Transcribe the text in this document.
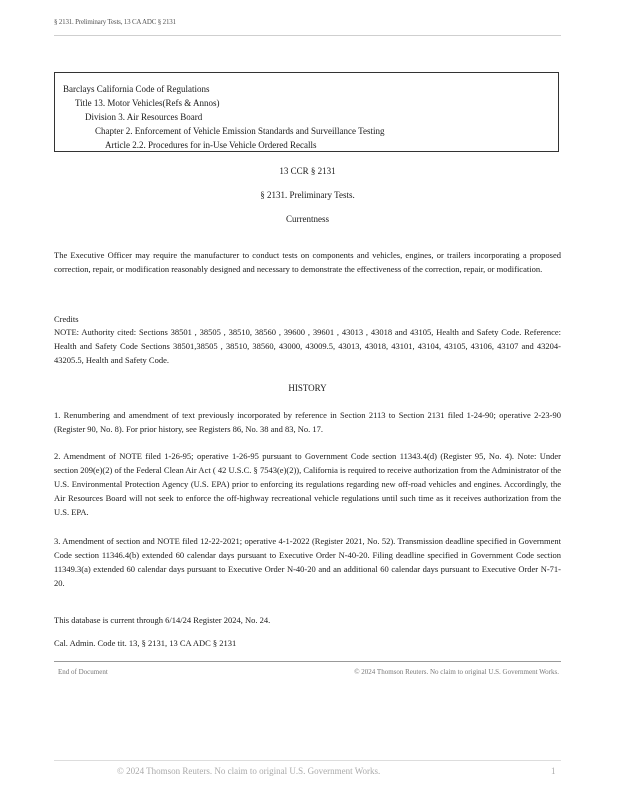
§ 2131. Preliminary Tests, 13 CA ADC § 2131
Barclays California Code of Regulations
Title 13. Motor Vehicles(Refs & Annos)
Division 3. Air Resources Board
Chapter 2. Enforcement of Vehicle Emission Standards and Surveillance Testing
Article 2.2. Procedures for in-Use Vehicle Ordered Recalls
13 CCR § 2131
§ 2131. Preliminary Tests.
Currentness
The Executive Officer may require the manufacturer to conduct tests on components and vehicles, engines, or trailers incorporating a proposed correction, repair, or modification reasonably designed and necessary to demonstrate the effectiveness of the correction, repair, or modification.
Credits
NOTE: Authority cited: Sections 38501 , 38505 , 38510, 38560 , 39600 , 39601 , 43013 , 43018 and 43105, Health and Safety Code. Reference: Health and Safety Code Sections 38501,38505 , 38510, 38560, 43000, 43009.5, 43013, 43018, 43101, 43104, 43105, 43106, 43107 and 43204-43205.5, Health and Safety Code.
HISTORY
1. Renumbering and amendment of text previously incorporated by reference in Section 2113 to Section 2131 filed 1-24-90; operative 2-23-90 (Register 90, No. 8). For prior history, see Registers 86, No. 38 and 83, No. 17.
2. Amendment of NOTE filed 1-26-95; operative 1-26-95 pursuant to Government Code section 11343.4(d) (Register 95, No. 4). Note: Under section 209(e)(2) of the Federal Clean Air Act ( 42 U.S.C. § 7543(e)(2)), California is required to receive authorization from the Administrator of the U.S. Environmental Protection Agency (U.S. EPA) prior to enforcing its regulations regarding new off-road vehicles and engines. Accordingly, the Air Resources Board will not seek to enforce the off-highway recreational vehicle regulations until such time as it receives authorization from the U.S. EPA.
3. Amendment of section and NOTE filed 12-22-2021; operative 4-1-2022 (Register 2021, No. 52). Transmission deadline specified in Government Code section 11346.4(b) extended 60 calendar days pursuant to Executive Order N-40-20. Filing deadline specified in Government Code section 11349.3(a) extended 60 calendar days pursuant to Executive Order N-40-20 and an additional 60 calendar days pursuant to Executive Order N-71-20.
This database is current through 6/14/24 Register 2024, No. 24.
Cal. Admin. Code tit. 13, § 2131, 13 CA ADC § 2131
End of Document	© 2024 Thomson Reuters. No claim to original U.S. Government Works.
© 2024 Thomson Reuters. No claim to original U.S. Government Works.	1
